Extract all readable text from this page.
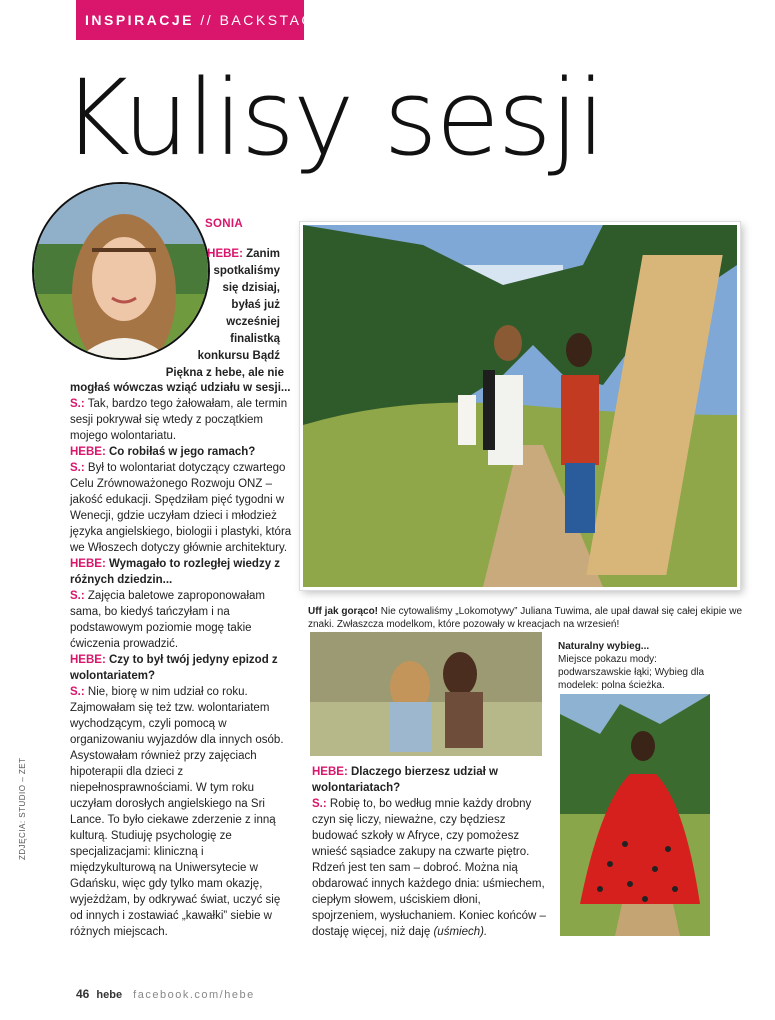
INSPIRACJE // BACKSTAGE
Kulisy sesji
SONIA
HEBE: Zanim
spotkaliśmy
się dzisiaj,
byłaś już
wcześniej
finalistką
konkursu Bądź
Piękna z hebe, ale nie

mogłaś wówczas wziąć udziału w sesji...

S.: Tak, bardzo tego żałowałam, ale termin sesji pokrywał się wtedy z początkiem mojego wolontariatu.

HEBE: Co robiłaś w jego ramach?

S.: Był to wolontariat dotyczący czwartego Celu Zrównoważonego Rozwoju ONZ – jakość edukacji. Spędziłam pięć tygodni w Wenecji, gdzie uczyłam dzieci i młodzież języka angielskiego, biologii i plastyki, która we Włoszech dotyczy głównie architektury.

HEBE: Wymagało to rozległej wiedzy z różnych dziedzin...

S.: Zajęcia baletowe zaproponowałam sama, bo kiedyś tańczyłam i na podstawowym poziomie mogę takie ćwiczenia prowadzić.

HEBE: Czy to był twój jedyny epizod z wolontariatem?

S.: Nie, biorę w nim udział co roku. Zajmowałam się też tzw. wolontariatem wychodzącym, czyli pomocą w organizowaniu wyjazdów dla innych osób. Asystowałam również przy zajęciach hipoterapii dla dzieci z niepełnosprawnościami. W tym roku uczyłam dorosłych angielskiego na Sri Lance. To było ciekawe zderzenie z inną kulturą. Studiuję psychologię ze specjalizacjami: kliniczną i międzykulturową na Uniwersytecie w Gdańsku, więc gdy tylko mam okazję, wyjeżdżam, by odkrywać świat, uczyć się od innych i zostawiać „kawałki” siebie w różnych miejscach.

Uff jak gorąco! Nie cytowaliśmy „Lokomotywy” Juliana Tuwima, ale upał dawał się całej ekipie we znaki. Zwłaszcza modelkom, które pozowały w kreacjach na wrzesień!
Naturalny wybieg...
Miejsce pokazu mody: podwarszawskie łąki; Wybieg dla modelek: polna ścieżka.

HEBE: Dlaczego bierzesz udział w wolontariatach?

S.: Robię to, bo według mnie każdy drobny czyn się liczy, nieważne, czy będziesz budować szkoły w Afryce, czy pomożesz wnieść sąsiadce zakupy na czwarte piętro. Rdzeń jest ten sam – dobroć. Można nią obdarować innych każdego dnia: uśmiechem, ciepłym słowem, uściskiem dłoni, spojrzeniem, wysłuchaniem. Koniec końców – dostaję więcej, niż daję (uśmiech).

ZDJĘCIA: STUDIO – ZET
46 hebe facebook.com/hebe
